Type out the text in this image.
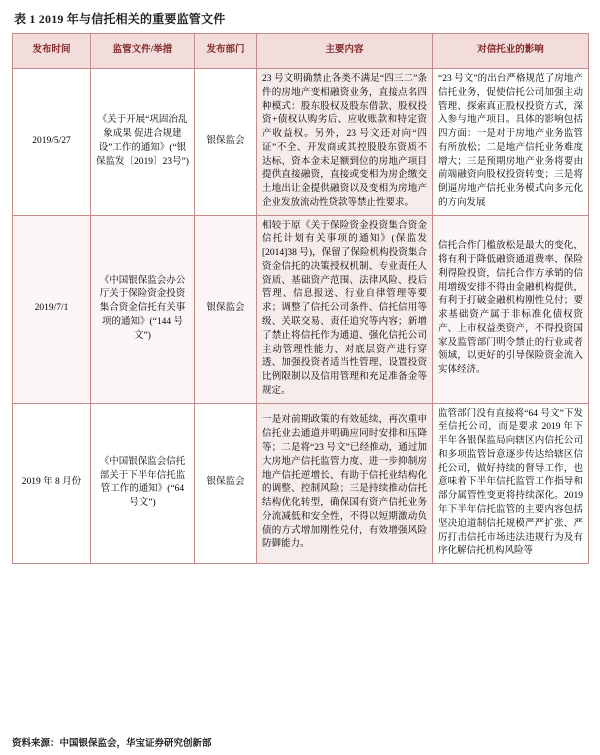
表 1 2019 年与信托相关的重要监管文件
发布时间	监管文件/举措	发布部门	主要内容	对信托业的影响
2019/5/27	《关于开展“巩固治乱象成果 促进合规建设”工作的通知》(“银保监发〔2019〕23号”)	银保监会	23 号文明确禁止各类不满足“四三二”条件的房地产变相融资业务，直接点名四种模式：股东股权及股东借款、股权投资+债权认购劣后、应收账款和特定资产收益权。另外，23 号文还对向“四证”不全、开发商或其控股股东资质不达标、资本金未足额到位的房地产项目提供直接融资，直接或变相为房企缴交土地出让金提供融资以及变相为房地产企业发放流动性贷款等禁止性要求。	“23 号文”的出台严格规范了房地产信托业务，促使信托公司加强主动管理、探索真正股权投资方式，深入参与地产项目。具体的影响包括四方面：一是对于房地产业务监管有所放松；二是地产信托业务难度增大；三是预期房地产业务将要由前端融资向股权投资转变；三是将倒逼房地产信托业务模式向多元化的方向发展
2019/7/1	《中国银保监会办公厅关于保险资金投资集合资金信托有关事项的通知》(“144 号文”)	银保监会	相较于原《关于保险资金投资集合资金信托计划有关事项的通知》(保监发[2014]38 号)，保留了保险机构投资集合资金信托的决策授权机制、专业责任人资质、基础资产范围、法律风险、投后管理、信息报送、行业自律管理等要求；调整了信托公司条件、信托信用等级、关联交易、责任追究等内容；新增了禁止将信托作为通道、强化信托公司主动管理性能力、对底层资产进行穿透、加强投资者适当性管理、设置投资比例限制以及信用管理和充足准备金等规定。	信托合作门槛放松是最大的变化，将有利于降低融资通道费率、保险利得险投资，信托合作方承销的信用增级安排不得由金融机构提供，有利于打破金融机构刚性兑付；要求基础资产属于非标准化债权资产、上市权益类资产，不得投资国家及监管部门明令禁止的行业或者领域，以更好的引导保险资金流入实体经济。
2019 年 8 月份	《中国银保监会信托部关于下半年信托监管工作的通知》(“64 号文”)	银保监会	一是对前期政策的有效延续，再次重申信托业去通道并明确应同时安排和压降等；二是将“23 号文”已经推动，通过加大房地产信托监管力度、进一步抑制房地产信托逆增长、有助于信托业结构化的调整、控制风险；三是持续推动信托结构优化转型，确保国有资产信托业务分流减低和安全性，不得以短期激动负债的方式增加刚性兑付，有效增强风险防御能力。	监管部门没有直接将“64 号文”下发至信托公司，而是要求 2019 年下半年各银保监局向辖区内信托公司和多项监管旨意逐步传达给辖区信托公司，做好持续的督导工作，也意味着下半年信托监管工作指导和部分属管性变更将持续深化。2019 年下半年信托监管的主要内容包括坚决迫道制信托规模严严扩张、严厉打击信托市场违法违规行为及有序化解信托机构风险等
资料来源：中国银保监会，华宝证券研究创新部
